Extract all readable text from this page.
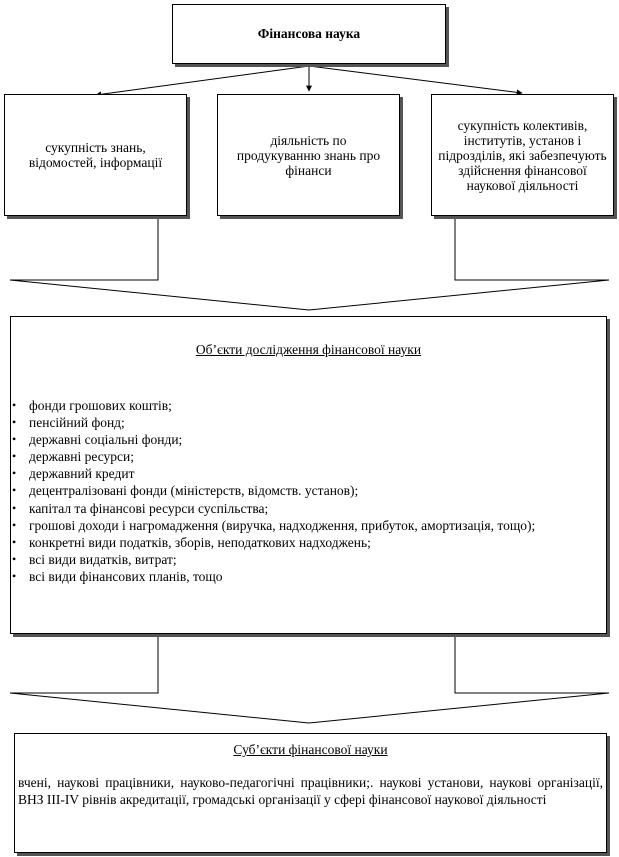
Фінансова наука
сукупність знань, відомостей, інформації
діяльність по продукуванню знань про фінанси
сукупність колективів, інститутів, установ і підрозділів, які забезпечують здійснення фінансової наукової діяльності
Об’єкти дослідження фінансової науки
• фонди грошових коштів;
• пенсійний фонд;
• державні соціальні фонди;
• державні ресурси;
• державний кредит
• децентралізовані фонди (міністерств, відомств. установ);
• капітал та фінансові ресурси суспільства;
• грошові доходи і нагромадження (виручка, надходження, прибуток, амортизація, тощо);
• конкретні види податків, зборів, неподаткових надходжень;
• всі види видатків, витрат;
• всі види фінансових планів, тощо
Суб’єкти фінансової науки
вчені, наукові працівники, науково-педагогічні працівники;. наукові установи, наукові організації, ВНЗ ІІІ-IV рівнів акредитації, громадські організації у сфері фінансової наукової діяльності
